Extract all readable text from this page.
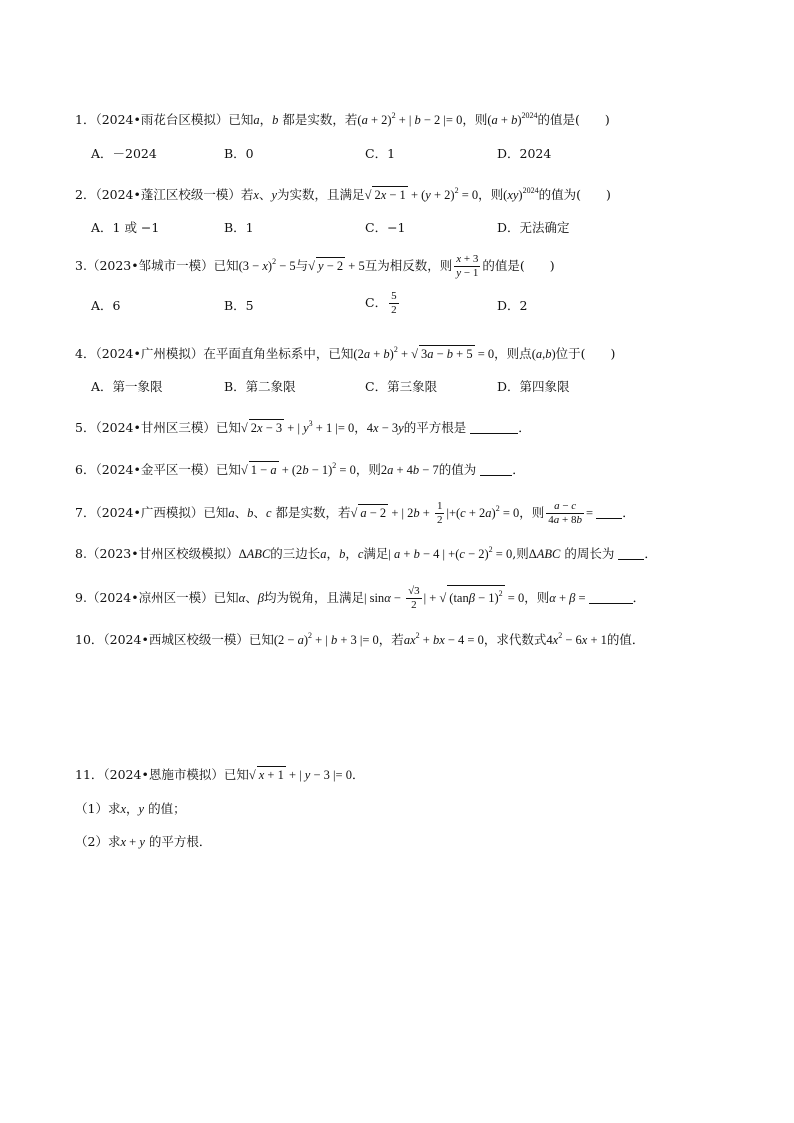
1．（2024•雨花台区模拟）已知a，b 都是实数，若$(a + 2)^2$ + | b − 2 |= 0，则$(a + b)^{2024}$的值是(　　)
A．－2024	B．0	C．1	D．2024
2．（2024•蓬江区校级一模）若x、y为实数，且满足√ $2x - 1 + (y + 2)^2 = 0$，则(xy)$^{2024}$的值为(　　)
A．1 或 −1	B．1	C．−1	D．无法确定
3.（2023•邹城市一模）已知$(3 - x)^2 - 5$与√ y − 2 + 5互为相反数，则 $\frac{x + 3}{y - 1}$ 的值是(　　)
A．6	B．5	C． $\frac{5}{2}$	D．2
4．（2024•广州模拟）在平面直角坐标系中，已知$(2a + b)^2$ + √ 3a − b + 5 = 0，则点(a,b)位于(　　)
A．第一象限	B．第二象限	C．第三象限	D．第四象限
5．（2024•甘州区三模）已知√ 2x − 3 + | $y^3 + 1$ |= 0，4x − 3y的平方根是	．
6．（2024•金平区一模）已知√ $1 - a + (2b - 1)^2 = 0$，则2a + 4b − 7的值为	．
7．（2024•广西模拟）已知a、b、c 都是实数，若√ a − 2 + | $2b + \frac{1}{2} |+(c + 2a)^2 = 0$，则 $\frac{a - c}{4a + 8b}$ = ．
8.（2023•甘州区校级模拟）ΔABC的三边长a，b，c满足| a + b − 4 | $+(c - 2)^2 = 0$,则ΔABC 的周长为 ．
9.（2024•凉州区一模）已知α、β均为锐角，且满足| $\sin\alpha - \frac{√3}{2}$ | + √ $(\tan\beta - 1)^2 = 0$，则α + β =	．
10．（2024•西城区校级一模）已知$(2 - a)^2$ + | b + 3 |= 0，若$ax^2$ + bx − 4 = 0，求代数式$4x^2 - 6x + 1$的值．
11．（2024•恩施市模拟）已知√ x + 1 + | y − 3 |= 0．
（1）求x，y 的值；
（2）求x + y 的平方根．
